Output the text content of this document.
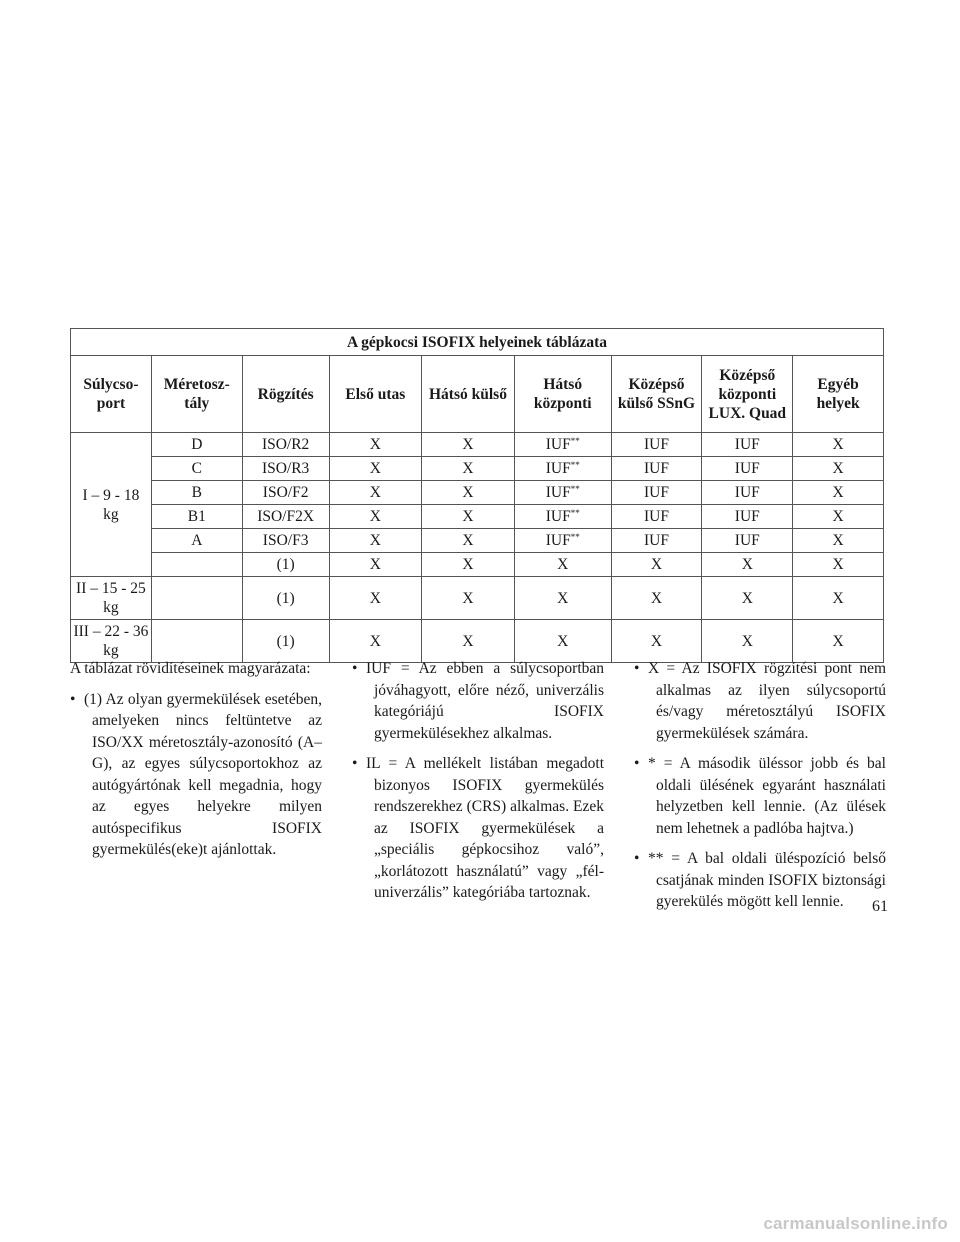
A gépkocsi ISOFIX helyeinek táblázata								
Súlycso-port	Méretosz-tály	Rögzítés	Első utas	Hátsó külső	Hátsó központi	Középső külső SSnG	Középső központi LUX. Quad	Egyéb helyek
I – 9 - 18 kg	D	ISO/R2	X	X	IUF**	IUF	IUF	X
	C	ISO/R3	X	X	IUF**	IUF	IUF	X
	B	ISO/F2	X	X	IUF**	IUF	IUF	X
	B1	ISO/F2X	X	X	IUF**	IUF	IUF	X
	A	ISO/F3	X	X	IUF**	IUF	IUF	X
		(1)	X	X	X	X	X	X
II – 15 - 25 kg		(1)	X	X	X	X	X	X
III – 22 - 36 kg		(1)	X	X	X	X	X	X

A táblázat rövidítéseinek magyarázata:

• (1) Az olyan gyermekülések esetében, amelyeken nincs feltüntetve az ISO/XX méretosztály-azonosító (A–G), az egyes súlycsoportokhoz az autógyártónak kell megadnia, hogy az egyes helyekre milyen autóspecifikus ISOFIX gyermekülés(eke)t ajánlottak.

• IUF = Az ebben a súlycsoportban jóváhagyott, előre néző, univerzális kategóriájú ISOFIX gyermekülésekhez alkalmas.

• IL = A mellékelt listában megadott bizonyos ISOFIX gyermekülés rendszerekhez (CRS) alkalmas. Ezek az ISOFIX gyermekülések a „speciális gépkocsihoz való”, „korlátozott használatú” vagy „fél-univerzális” kategóriába tartoznak.

• X = Az ISOFIX rögzítési pont nem alkalmas az ilyen súlycsoportú és/vagy méretosztályú ISOFIX gyermekülések számára.

• * = A második üléssor jobb és bal oldali ülésének egyaránt használati helyzetben kell lennie. (Az ülések nem lehetnek a padlóba hajtva.)

• ** = A bal oldali üléspozíció belső csatjának minden ISOFIX biztonsági gyerekülés mögött kell lennie.	61
carmanualsonline.info
